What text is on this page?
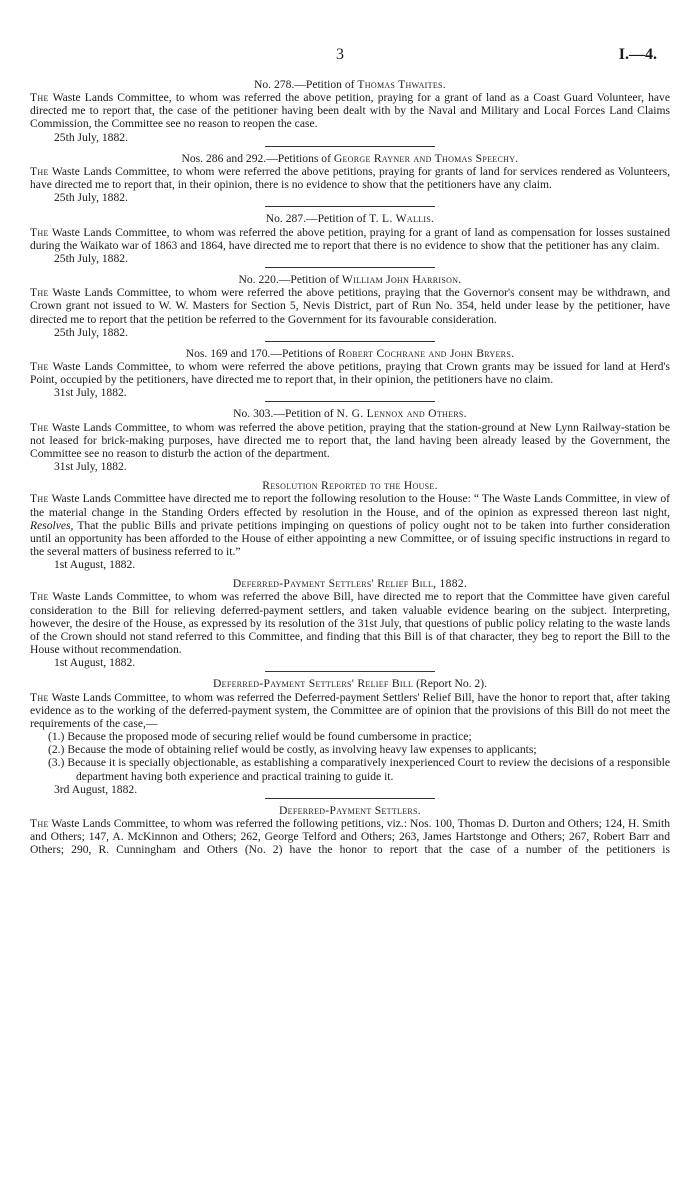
3	I.—4.
No. 278.—Petition of Thomas Thwaites.

The Waste Lands Committee, to whom was referred the above petition, praying for a grant of land as a Coast Guard Volunteer, have directed me to report that, the case of the petitioner having been dealt with by the Naval and Military and Local Forces Land Claims Commission, the Committee see no reason to reopen the case.

25th July, 1882.
Nos. 286 and 292.—Petitions of George Rayner and Thomas Speechy.

The Waste Lands Committee, to whom were referred the above petitions, praying for grants of land for services rendered as Volunteers, have directed me to report that, in their opinion, there is no evidence to show that the petitioners have any claim.

25th July, 1882.
No. 287.—Petition of T. L. Wallis.

The Waste Lands Committee, to whom was referred the above petition, praying for a grant of land as compensation for losses sustained during the Waikato war of 1863 and 1864, have directed me to report that there is no evidence to show that the petitioner has any claim.

25th July, 1882.
No. 220.—Petition of William John Harrison.

The Waste Lands Committee, to whom were referred the above petitions, praying that the Governor's consent may be withdrawn, and Crown grant not issued to W. W. Masters for Section 5, Nevis District, part of Run No. 354, held under lease by the petitioner, have directed me to report that the petition be referred to the Government for its favourable consideration.

25th July, 1882.
Nos. 169 and 170.—Petitions of Robert Cochrane and John Bryers.

The Waste Lands Committee, to whom were referred the above petitions, praying that Crown grants may be issued for land at Herd's Point, occupied by the petitioners, have directed me to report that, in their opinion, the petitioners have no claim.

31st July, 1882.
No. 303.—Petition of N. G. Lennox and Others.

The Waste Lands Committee, to whom was referred the above petition, praying that the station-ground at New Lynn Railway-station be not leased for brick-making purposes, have directed me to report that, the land having been already leased by the Government, the Committee see no reason to disturb the action of the department.

31st July, 1882.
Resolution Reported to the House.

The Waste Lands Committee have directed me to report the following resolution to the House: “ The Waste Lands Committee, in view of the material change in the Standing Orders effected by resolution in the House, and of the opinion as expressed thereon last night, Resolves, That the public Bills and private petitions impinging on questions of policy ought not to be taken into further consideration until an opportunity has been afforded to the House of either appointing a new Committee, or of issuing specific instructions in regard to the several matters of business referred to it.”

1st August, 1882.
Deferred-Payment Settlers' Relief Bill, 1882.

The Waste Lands Committee, to whom was referred the above Bill, have directed me to report that the Committee have given careful consideration to the Bill for relieving deferred-payment settlers, and taken valuable evidence bearing on the subject. Interpreting, however, the desire of the House, as expressed by its resolution of the 31st July, that questions of public policy relating to the waste lands of the Crown should not stand referred to this Committee, and finding that this Bill is of that character, they beg to report the Bill to the House without recommendation.

1st August, 1882.
Deferred-Payment Settlers' Relief Bill (Report No. 2).

The Waste Lands Committee, to whom was referred the Deferred-payment Settlers' Relief Bill, have the honor to report that, after taking evidence as to the working of the deferred-payment system, the Committee are of opinion that the provisions of this Bill do not meet the requirements of the case,—

(1.) Because the proposed mode of securing relief would be found cumbersome in practice;
(2.) Because the mode of obtaining relief would be costly, as involving heavy law expenses to applicants;
(3.) Because it is specially objectionable, as establishing a comparatively inexperienced Court to review the decisions of a responsible department having both experience and practical training to guide it.
3rd August, 1882.
Deferred-Payment Settlers.

The Waste Lands Committee, to whom was referred the following petitions, viz.: Nos. 100, Thomas D. Durton and Others; 124, H. Smith and Others; 147, A. McKinnon and Others; 262, George Telford and Others; 263, James Hartstonge and Others; 267, Robert Barr and Others; 290, R. Cunningham and Others (No. 2) have the honor to report that the case of a number of the petitioners is
